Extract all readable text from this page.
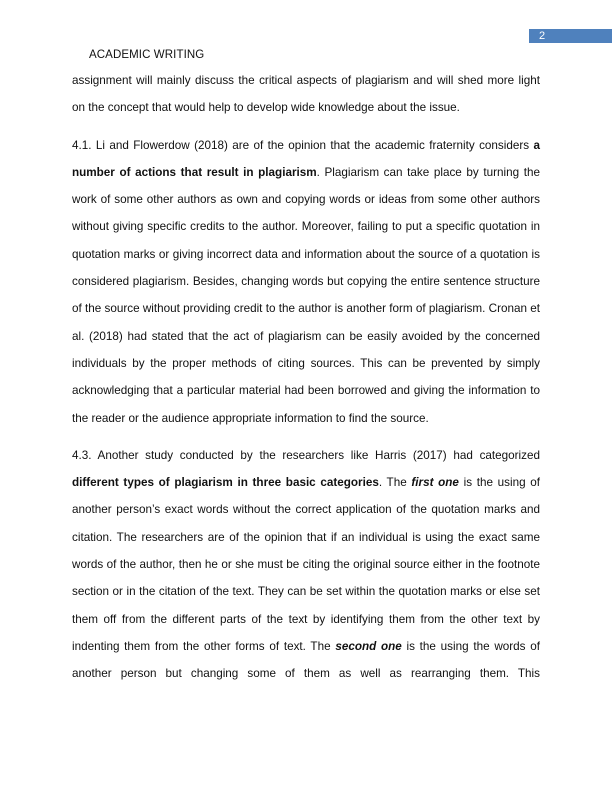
2
ACADEMIC WRITING

assignment will mainly discuss the critical aspects of plagiarism and will shed more light on the concept that would help to develop wide knowledge about the issue.

4.1. Li and Flowerdow (2018) are of the opinion that the academic fraternity considers a number of actions that result in plagiarism. Plagiarism can take place by turning the work of some other authors as own and copying words or ideas from some other authors without giving specific credits to the author. Moreover, failing to put a specific quotation in quotation marks or giving incorrect data and information about the source of a quotation is considered plagiarism. Besides, changing words but copying the entire sentence structure of the source without providing credit to the author is another form of plagiarism. Cronan et al. (2018) had stated that the act of plagiarism can be easily avoided by the concerned individuals by the proper methods of citing sources. This can be prevented by simply acknowledging that a particular material had been borrowed and giving the information to the reader or the audience appropriate information to find the source.

4.3. Another study conducted by the researchers like Harris (2017) had categorized different types of plagiarism in three basic categories. The first one is the using of another person’s exact words without the correct application of the quotation marks and citation. The researchers are of the opinion that if an individual is using the exact same words of the author, then he or she must be citing the original source either in the footnote section or in the citation of the text. They can be set within the quotation marks or else set them off from the different parts of the text by identifying them from the other text by indenting them from the other forms of text. The second one is the using the words of another person but changing some of them as well as rearranging them. This
